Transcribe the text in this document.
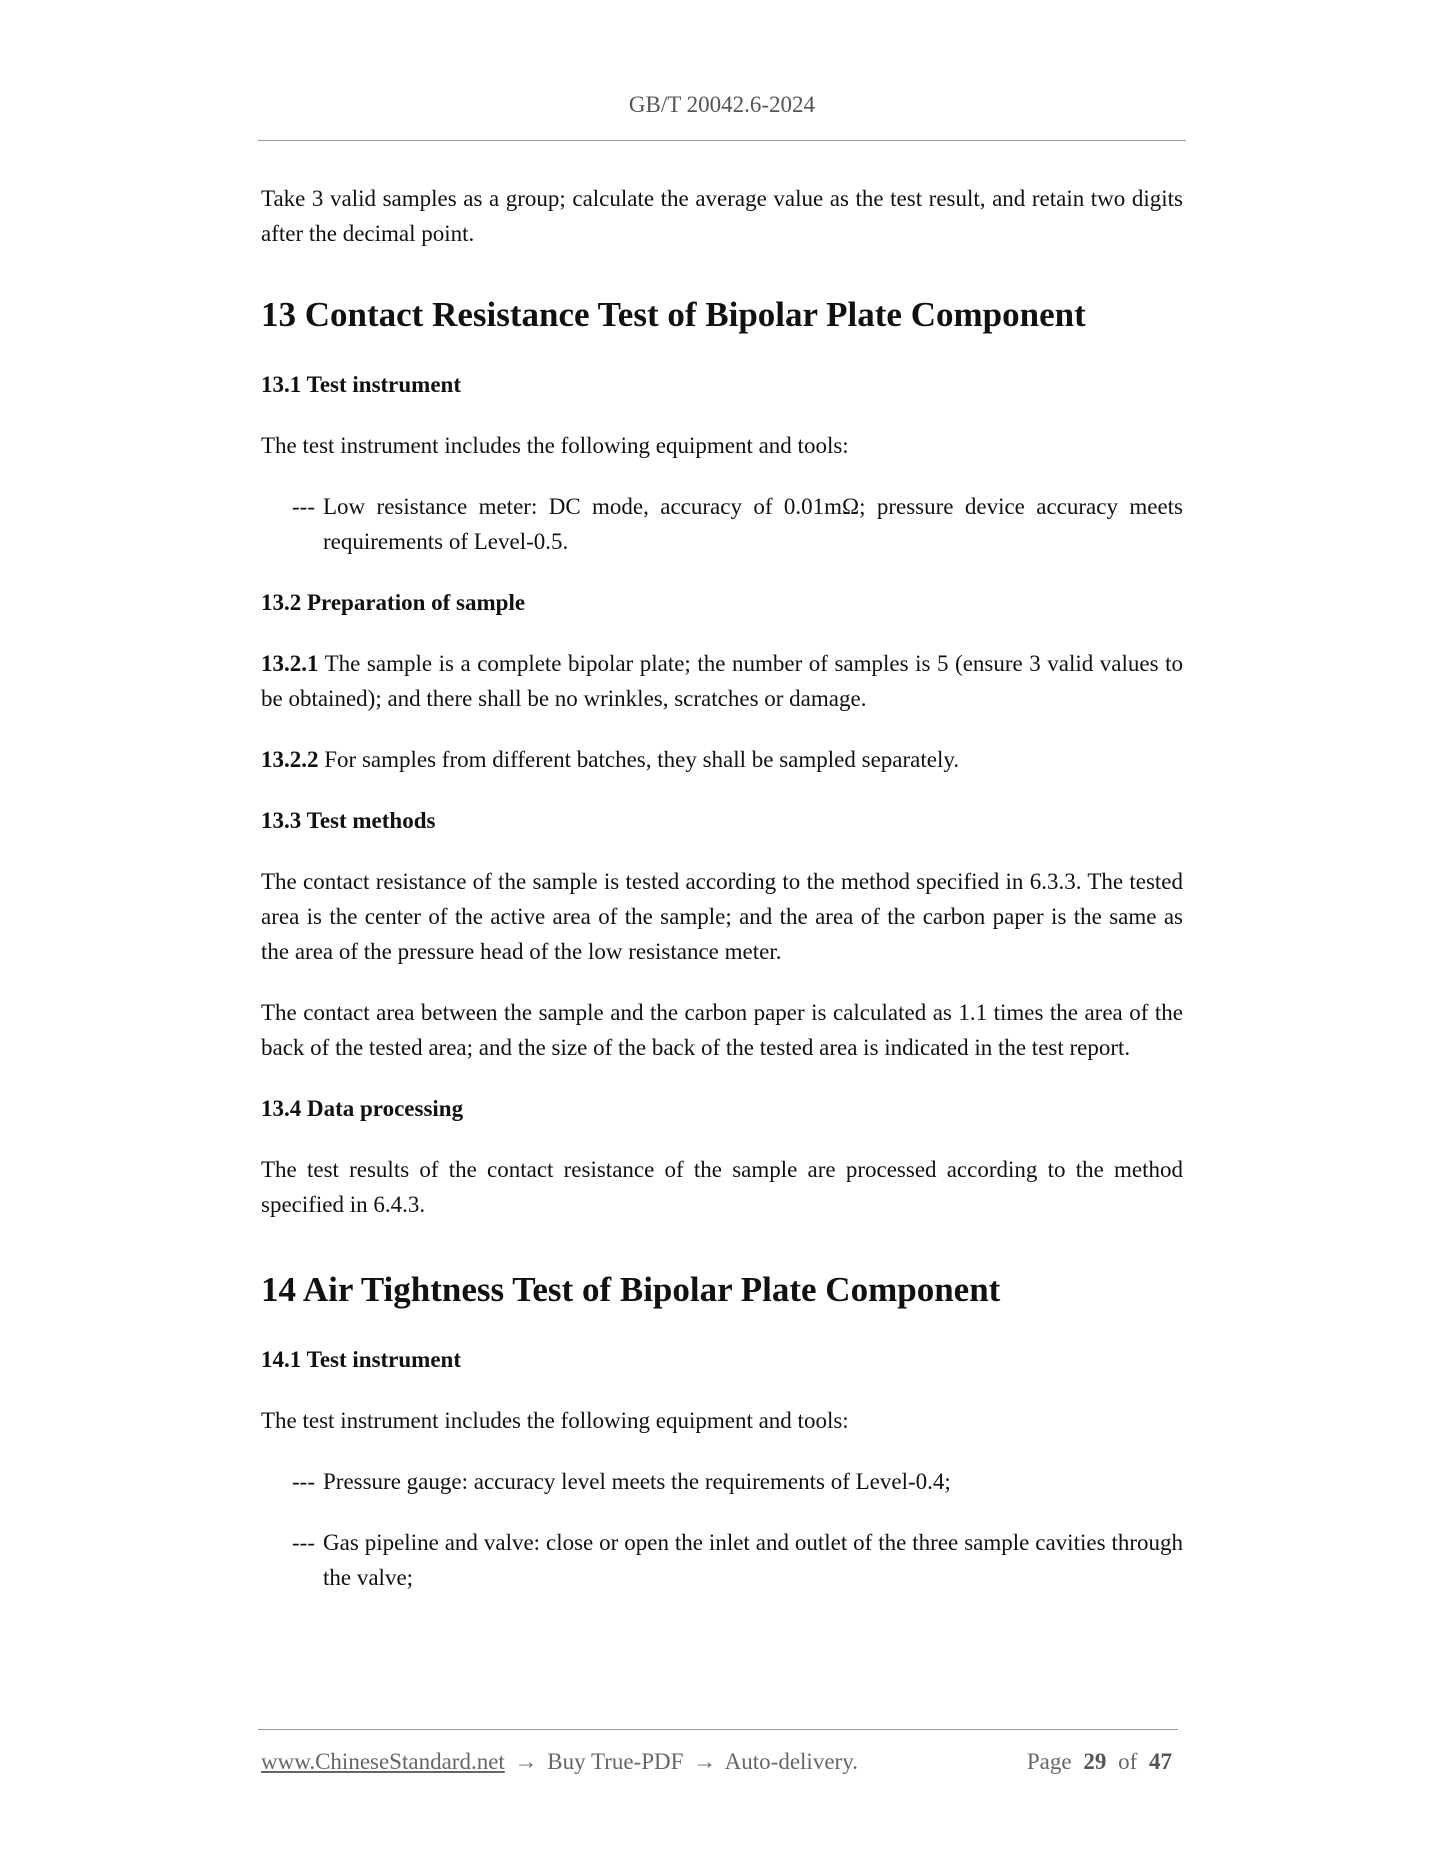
GB/T 20042.6-2024

Take 3 valid samples as a group; calculate the average value as the test result, and retain two digits after the decimal point.

13 Contact Resistance Test of Bipolar Plate Component
13.1 Test instrument

The test instrument includes the following equipment and tools:

--- Low resistance meter: DC mode, accuracy of 0.01mΩ; pressure device accuracy meets requirements of Level-0.5.
13.2 Preparation of sample

13.2.1 The sample is a complete bipolar plate; the number of samples is 5 (ensure 3 valid values to be obtained); and there shall be no wrinkles, scratches or damage.

13.2.2 For samples from different batches, they shall be sampled separately.

13.3 Test methods

The contact resistance of the sample is tested according to the method specified in 6.3.3. The tested area is the center of the active area of the sample; and the area of the carbon paper is the same as the area of the pressure head of the low resistance meter.

The contact area between the sample and the carbon paper is calculated as 1.1 times the area of the back of the tested area; and the size of the back of the tested area is indicated in the test report.

13.4 Data processing

The test results of the contact resistance of the sample are processed according to the method specified in 6.4.3.

14 Air Tightness Test of Bipolar Plate Component
14.1 Test instrument

The test instrument includes the following equipment and tools:

--- Pressure gauge: accuracy level meets the requirements of Level-0.4;
--- Gas pipeline and valve: close or open the inlet and outlet of the three sample cavities through the valve;
www.ChineseStandard.net → Buy True-PDF → Auto-delivery.	Page 29 of 47
